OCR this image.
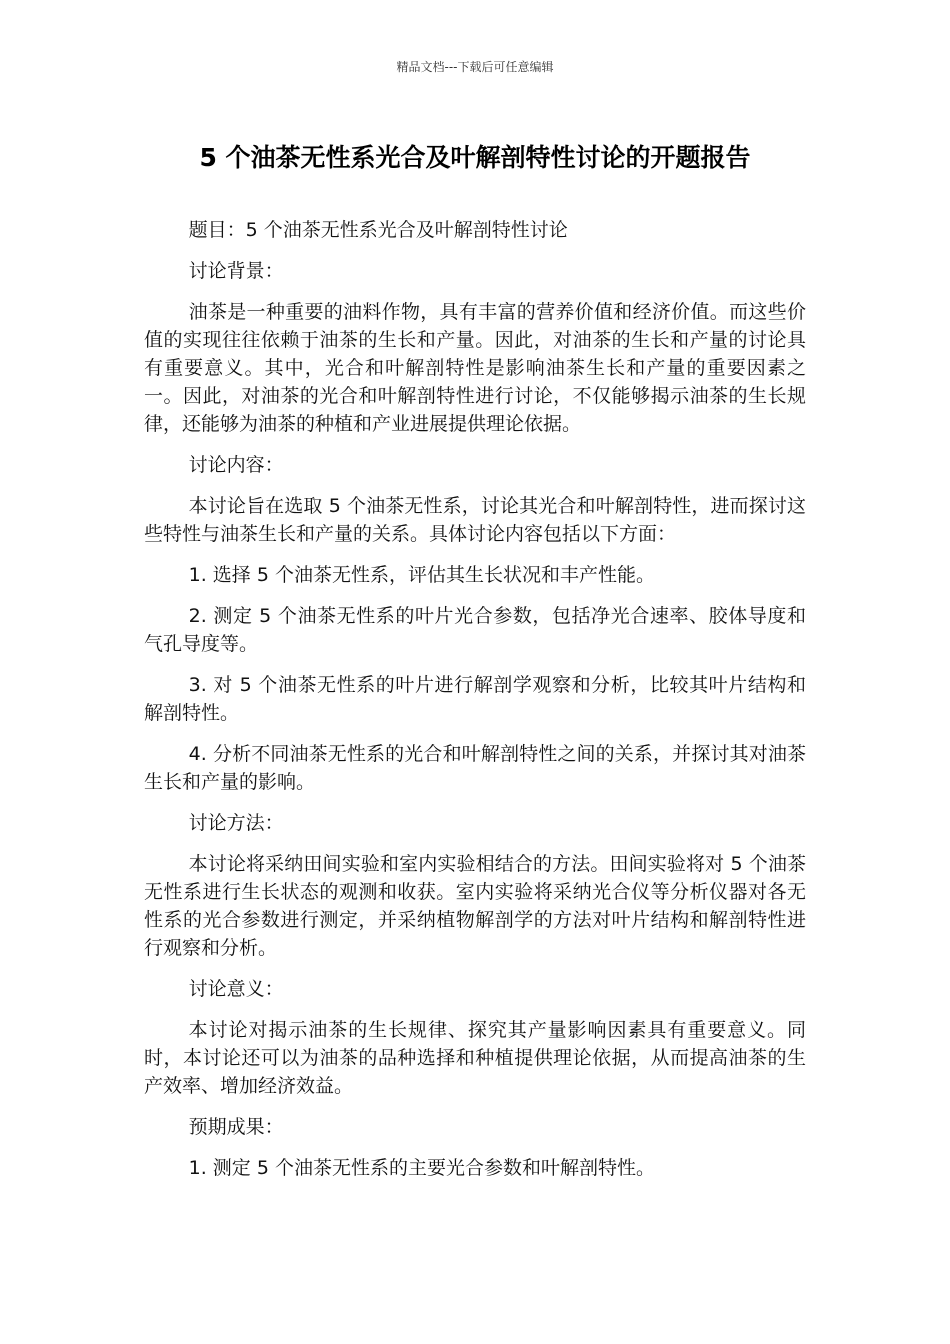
精品文档---下载后可任意编辑
5 个油茶无性系光合及叶解剖特性讨论的开题报告

题目：5 个油茶无性系光合及叶解剖特性讨论

讨论背景：

油茶是一种重要的油料作物，具有丰富的营养价值和经济价值。而这些价值的实现往往依赖于油茶的生长和产量。因此，对油茶的生长和产量的讨论具有重要意义。其中，光合和叶解剖特性是影响油茶生长和产量的重要因素之一。因此，对油茶的光合和叶解剖特性进行讨论，不仅能够揭示油茶的生长规律，还能够为油茶的种植和产业进展提供理论依据。

讨论内容：

本讨论旨在选取 5 个油茶无性系，讨论其光合和叶解剖特性，进而探讨这些特性与油茶生长和产量的关系。具体讨论内容包括以下方面：

1. 选择 5 个油茶无性系，评估其生长状况和丰产性能。

2. 测定 5 个油茶无性系的叶片光合参数，包括净光合速率、胶体导度和气孔导度等。

3. 对 5 个油茶无性系的叶片进行解剖学观察和分析，比较其叶片结构和解剖特性。

4. 分析不同油茶无性系的光合和叶解剖特性之间的关系，并探讨其对油茶生长和产量的影响。

讨论方法：

本讨论将采纳田间实验和室内实验相结合的方法。田间实验将对 5 个油茶无性系进行生长状态的观测和收获。室内实验将采纳光合仪等分析仪器对各无性系的光合参数进行测定，并采纳植物解剖学的方法对叶片结构和解剖特性进行观察和分析。

讨论意义：

本讨论对揭示油茶的生长规律、探究其产量影响因素具有重要意义。同时，本讨论还可以为油茶的品种选择和种植提供理论依据，从而提高油茶的生产效率、增加经济效益。

预期成果：

1. 测定 5 个油茶无性系的主要光合参数和叶解剖特性。
